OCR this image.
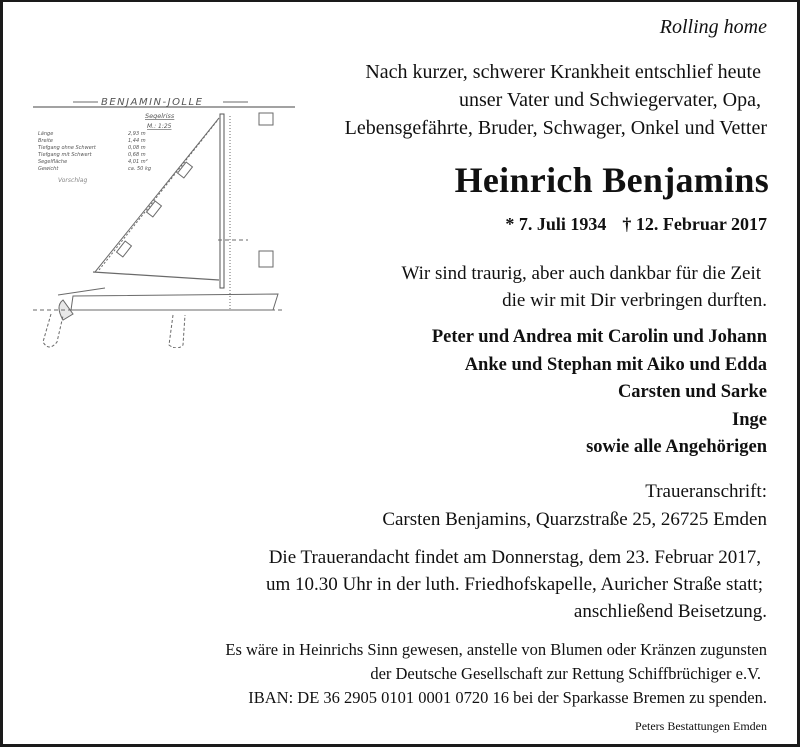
BENJAMIN-JOLLE
Segelriss
M.: 1:25
Länge	2,93 m
Breite	1,44 m
Tiefgang ohne Schwert	0,08 m
Tiefgang mit Schwert	0,68 m
Segelfläche	4,01 m²
Gewicht	ca. 50 kg
Vorschlag
Rolling home
Nach kurzer, schwerer Krankheit entschlief heute
unser Vater und Schwiegervater, Opa,
Lebensgefährte, Bruder, Schwager, Onkel und Vetter
Heinrich Benjamins
* 7. Juli 1934 † 12. Februar 2017
Wir sind traurig, aber auch dankbar für die Zeit
die wir mit Dir verbringen durften.
Peter und Andrea mit Carolin und Johann
Anke und Stephan mit Aiko und Edda
Carsten und Sarke
Inge
sowie alle Angehörigen
Traueranschrift:
Carsten Benjamins, Quarzstraße 25, 26725 Emden
Die Trauerandacht findet am Donnerstag, dem 23. Februar 2017,
um 10.30 Uhr in der luth. Friedhofskapelle, Auricher Straße statt;
anschließend Beisetzung.
Es wäre in Heinrichs Sinn gewesen, anstelle von Blumen oder Kränzen zugunsten
der Deutsche Gesellschaft zur Rettung Schiffbrüchiger e.V.
IBAN: DE 36 2905 0101 0001 0720 16 bei der Sparkasse Bremen zu spenden.
Peters Bestattungen Emden
